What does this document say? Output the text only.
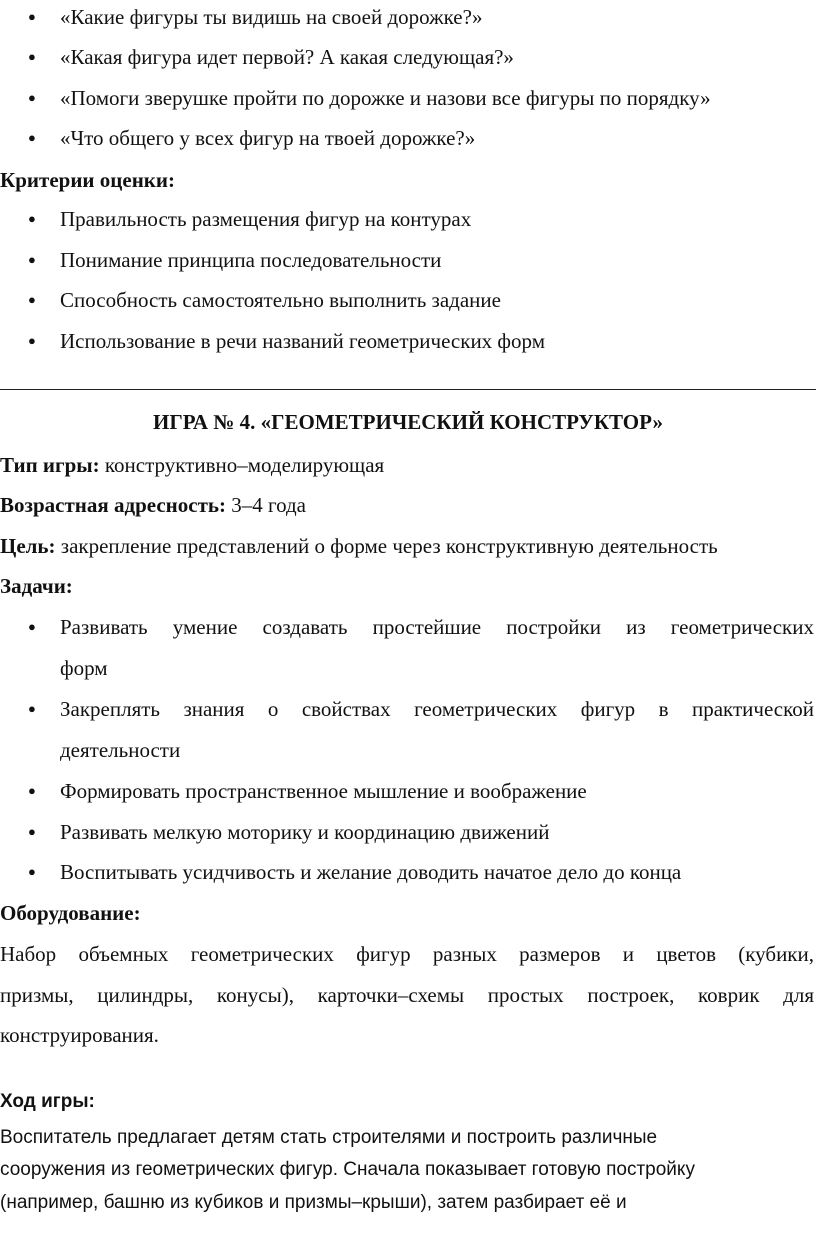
● «Какие фигуры ты видишь на своей дорожке?»
● «Какая фигура идет первой? А какая следующая?»
● «Помоги зверушке пройти по дорожке и назови все фигуры по порядку»
● «Что общего у всех фигур на твоей дорожке?»
Критерии оценки:
● Правильность размещения фигур на контурах
● Понимание принципа последовательности
● Способность самостоятельно выполнить задание
● Использование в речи названий геометрических форм
ИГРА № 4. «ГЕОМЕТРИЧЕСКИЙ КОНСТРУКТОР»
Тип игры: конструктивно–моделирующая
Возрастная адресность: 3–4 года
Цель: закрепление представлений о форме через конструктивную деятельность
Задачи:
● Развивать умение создавать простейшие постройки из геометрических
форм
● Закреплять знания о свойствах геометрических фигур в практической
деятельности
● Формировать пространственное мышление и воображение
● Развивать мелкую моторику и координацию движений
● Воспитывать усидчивость и желание доводить начатое дело до конца
Оборудование:
Набор объемных геометрических фигур разных размеров и цветов (кубики,
призмы, цилиндры, конусы), карточки–схемы простых построек, коврик для
конструирования.
Ход игры:
Воспитатель предлагает детям стать строителями и построить различные
сооружения из геометрических фигур. Сначала показывает готовую постройку
(например, башню из кубиков и призмы–крыши), затем разбирает её и
